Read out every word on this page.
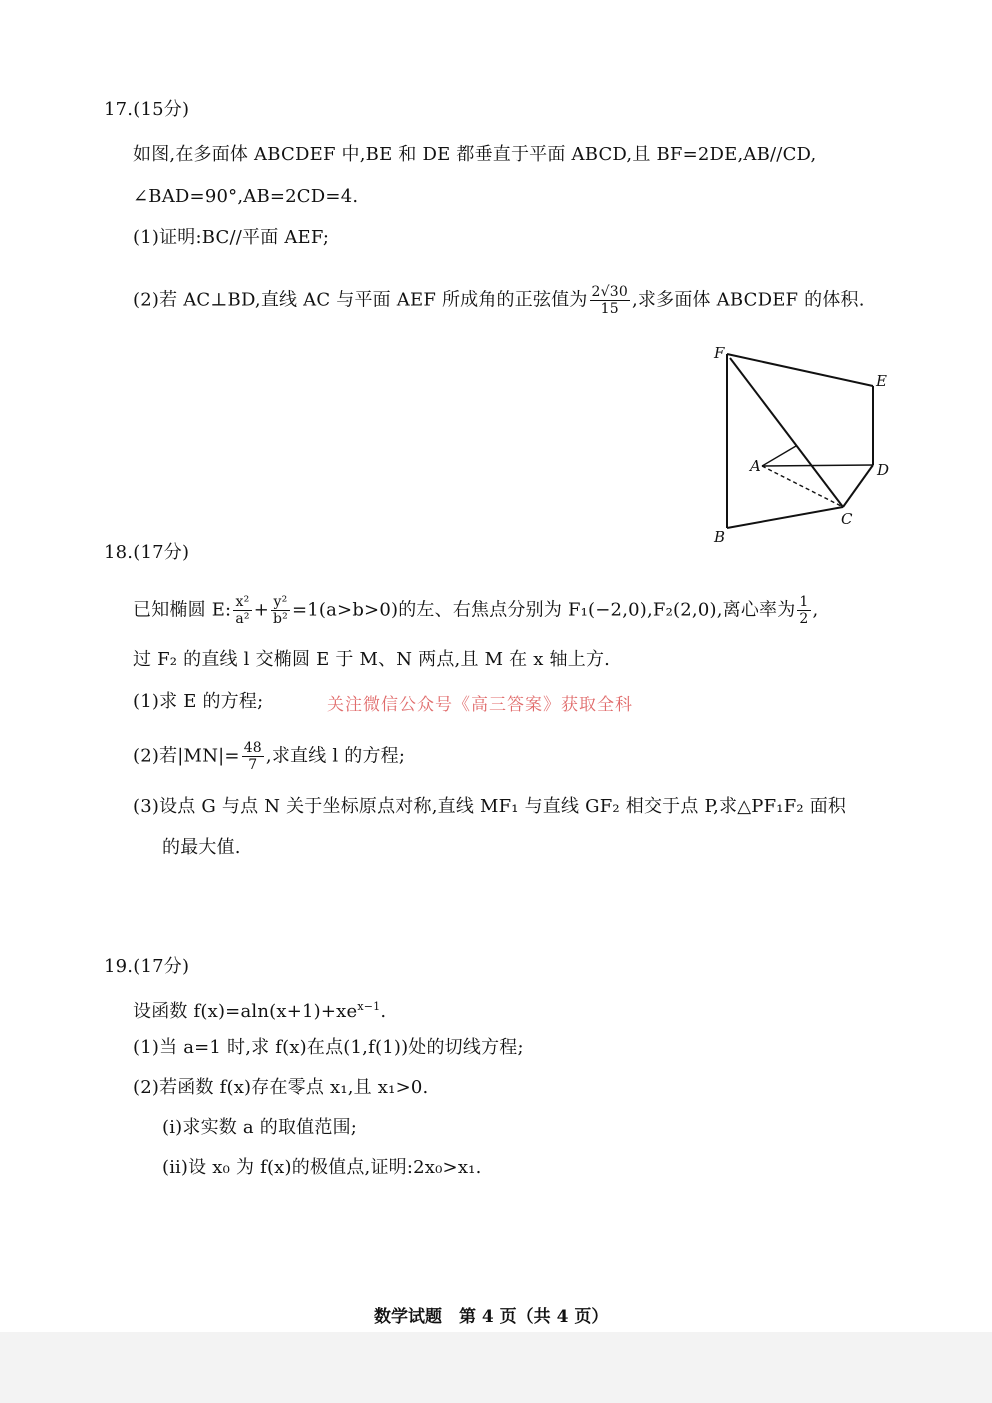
17.(15分)
如图,在多面体 ABCDEF 中,BE 和 DE 都垂直于平面 ABCD,且 BF=2DE,AB//CD,
∠BAD=90°,AB=2CD=4.
(1)证明:BC//平面 AEF;
(2)若 AC⊥BD,直线 AC 与平面 AEF 所成角的正弦值为 $\frac{2√30}{15}$ ,求多面体 ABCDEF 的体积.
F
E
A	D
C
B
18.(17分)
已知椭圆 E: $\frac{\text{x²}}{\text{a²}} + \frac{\text{y²}}{\text{b²}} =1(a>b>0)$的左、右焦点分别为 F₁(−2,0),F₂(2,0),离心率为 $\frac{1}{2}$ ,
过 F₂ 的直线 l 交椭圆 E 于 M、N 两点,且 M 在 x 轴上方.
(1)求 E 的方程;	关注微信公众号《高三答案》获取全科
(2)若$|MN|= \frac{48}{7}$ ,求直线 l 的方程;
(3)设点 G 与点 N 关于坐标原点对称,直线 MF₁ 与直线 GF₂ 相交于点 P,求△PF₁F₂ 面积
的最大值.
19.(17分)
设函数 $f(x)=aln(x+1)+xe^{x-1}$.
(1)当 a=1 时,求 f(x)在点(1,f(1))处的切线方程;
(2)若函数 f(x)存在零点 x₁,且 x₁>0.
(ⅰ)求实数 a 的取值范围;
(ⅱ)设 x₀ 为 f(x)的极值点,证明:2x₀>x₁.
数学试题　第 4 页（共 4 页）
